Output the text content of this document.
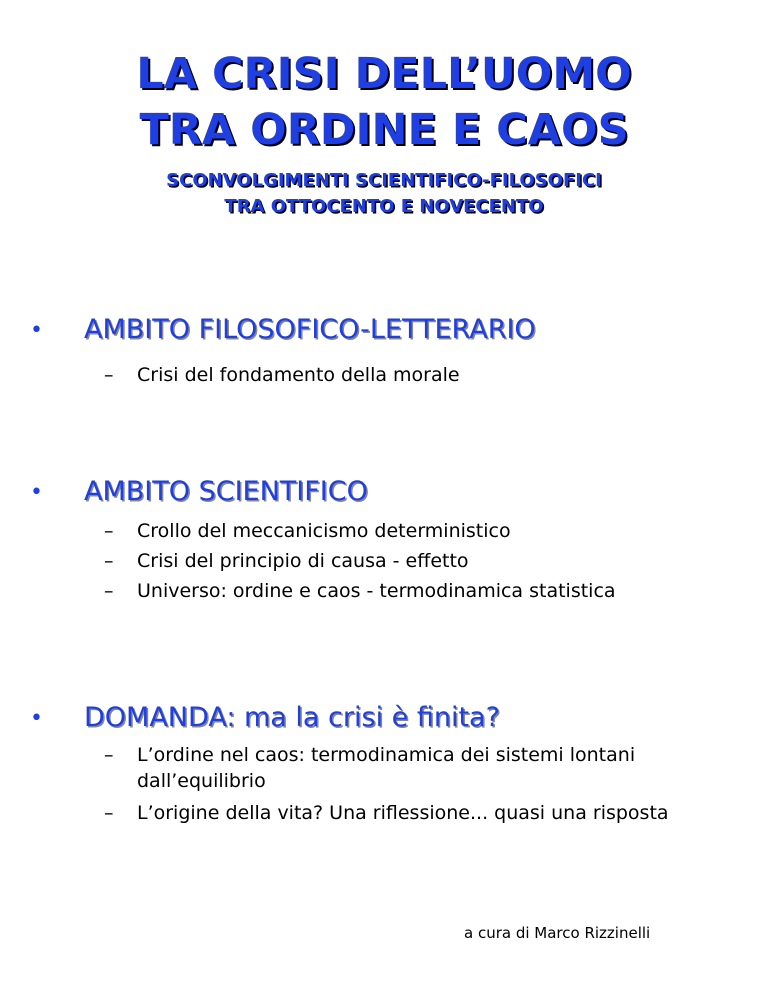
LA CRISI DELL’UOMO
TRA ORDINE E CAOS
SCONVOLGIMENTI SCIENTIFICO-FILOSOFICI
TRA OTTOCENTO E NOVECENTO
• AMBITO FILOSOFICO-LETTERARIO
– Crisi del fondamento della morale
• AMBITO SCIENTIFICO
– Crollo del meccanicismo deterministico
– Crisi del principio di causa - effetto
– Universo: ordine e caos - termodinamica statistica
• DOMANDA: ma la crisi è finita?
– L’ordine nel caos: termodinamica dei sistemi lontani dall’equilibrio
– L’origine della vita? Una riflessione... quasi una risposta
a cura di Marco Rizzinelli
